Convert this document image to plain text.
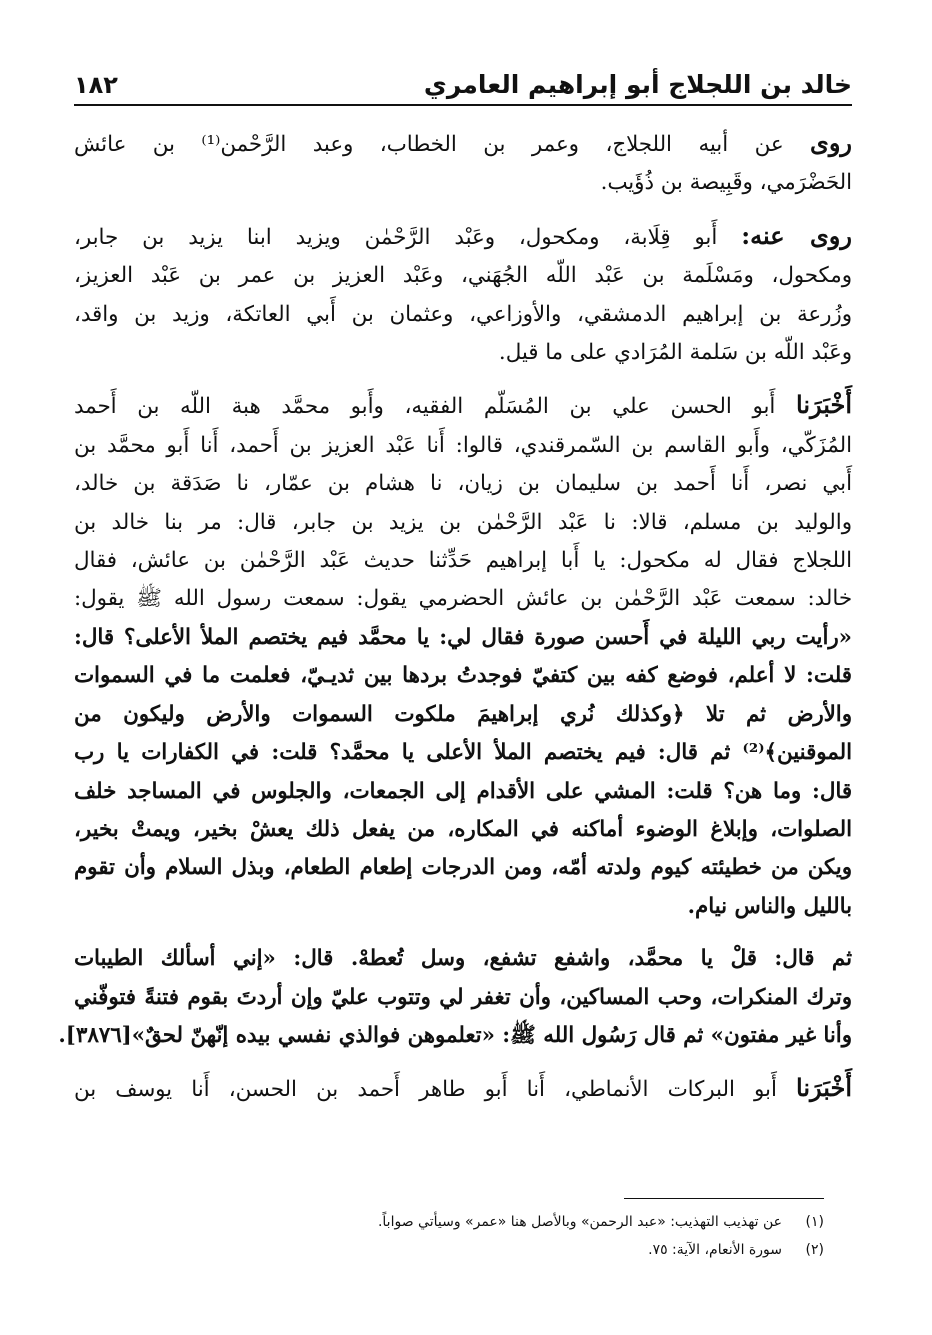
خالد بن اللجلاج أبو إبراهيم العامري
١٨٢

روى عن أبيه اللجلاج، وعمر بن الخطاب، وعبد الرَّحْمن⁽¹⁾ بن عائش
الحَضْرَمي، وقَبِيصة بن ذُؤَيب.

روى عنه: أَبو قِلَابة، ومكحول، وعَبْد الرَّحْمٰن ويزيد ابنا يزيد بن جابر،
ومكحول، ومَسْلَمة بن عَبْد اللّه الجُهَني، وعَبْد العزيز بن عمر بن عَبْد العزيز،
وزُرعة بن إبراهيم الدمشقي، والأوزاعي، وعثمان بن أَبي العاتكة، وزيد بن واقد،
وعَبْد اللّه بن سَلمة المُرَادي على ما قيل.

أَخْبَرَنا أَبو الحسن علي بن المُسَلّم الفقيه، وأَبو محمَّد هبة اللّه بن أَحمد
المُزَكّي، وأَبو القاسم بن السّمرقندي، قالوا: أَنا عَبْد العزيز بن أَحمد، أَنا أَبو محمَّد بن
أَبي نصر، أَنا أَحمد بن سليمان بن زيان، نا هشام بن عمّار، نا صَدَقة بن خالد،
والوليد بن مسلم، قالا: نا عَبْد الرَّحْمٰن بن يزيد بن جابر، قال: مر بنا خالد بن
اللجلاج فقال له مكحول: يا أَبا إبراهيم حَدِّثنا حديث عَبْد الرَّحْمٰن بن عائش، فقال
خالد: سمعت عَبْد الرَّحْمٰن بن عائش الحضرمي يقول: سمعت رسول الله ﷺ يقول:
«رأيت ربي الليلة في أَحسن صورة فقال لي: يا محمَّد فيم يختصم الملأ الأعلى؟ قال:
قلت: لا أعلم، فوضع كفه بين كتفيّ فوجدتُ بردها بين ثديـيّ، فعلمت ما في السموات
والأرض ثم تلا ﴿وكذلك نُري إبراهيمَ ملكوت السموات والأرض وليكون من
الموقنين﴾⁽²⁾ ثم قال: فيم يختصم الملأ الأعلى يا محمَّد؟ قلت: في الكفارات يا رب
قال: وما هن؟ قلت: المشي على الأقدام إلى الجمعات، والجلوس في المساجد خلف
الصلوات، وإبلاغ الوضوء أماكنه في المكاره، من يفعل ذلك يعشْ بخير، ويمتْ بخير،
ويكن من خطيئته كيوم ولدته أمّه، ومن الدرجات إطعام الطعام، وبذل السلام وأن تقوم
بالليل والناس نيام.

ثم قال: قلْ يا محمَّد، واشفع تشفع، وسل تُعطهْ. قال: «إني أسألك الطيبات
وترك المنكرات، وحب المساكين، وأن تغفر لي وتتوب عليّ وإن أردتَ بقوم فتنةً فتوفّني
وأنا غير مفتون» ثم قال رَسُول الله ﷺ: «تعلموهن فوالذي نفسي بيده إنّهنّ لحقٌ»[٣٨٧٦].

أَخْبَرَنا أَبو البركات الأنماطي، أَنا أَبو طاهر أَحمد بن الحسن، أَنا يوسف بن

(١)عن تهذيب التهذيب: «عبد الرحمن» وبالأصل هنا «عمر» وسيأتي صواباً.
(٢)سورة الأنعام، الآية: ٧٥.
